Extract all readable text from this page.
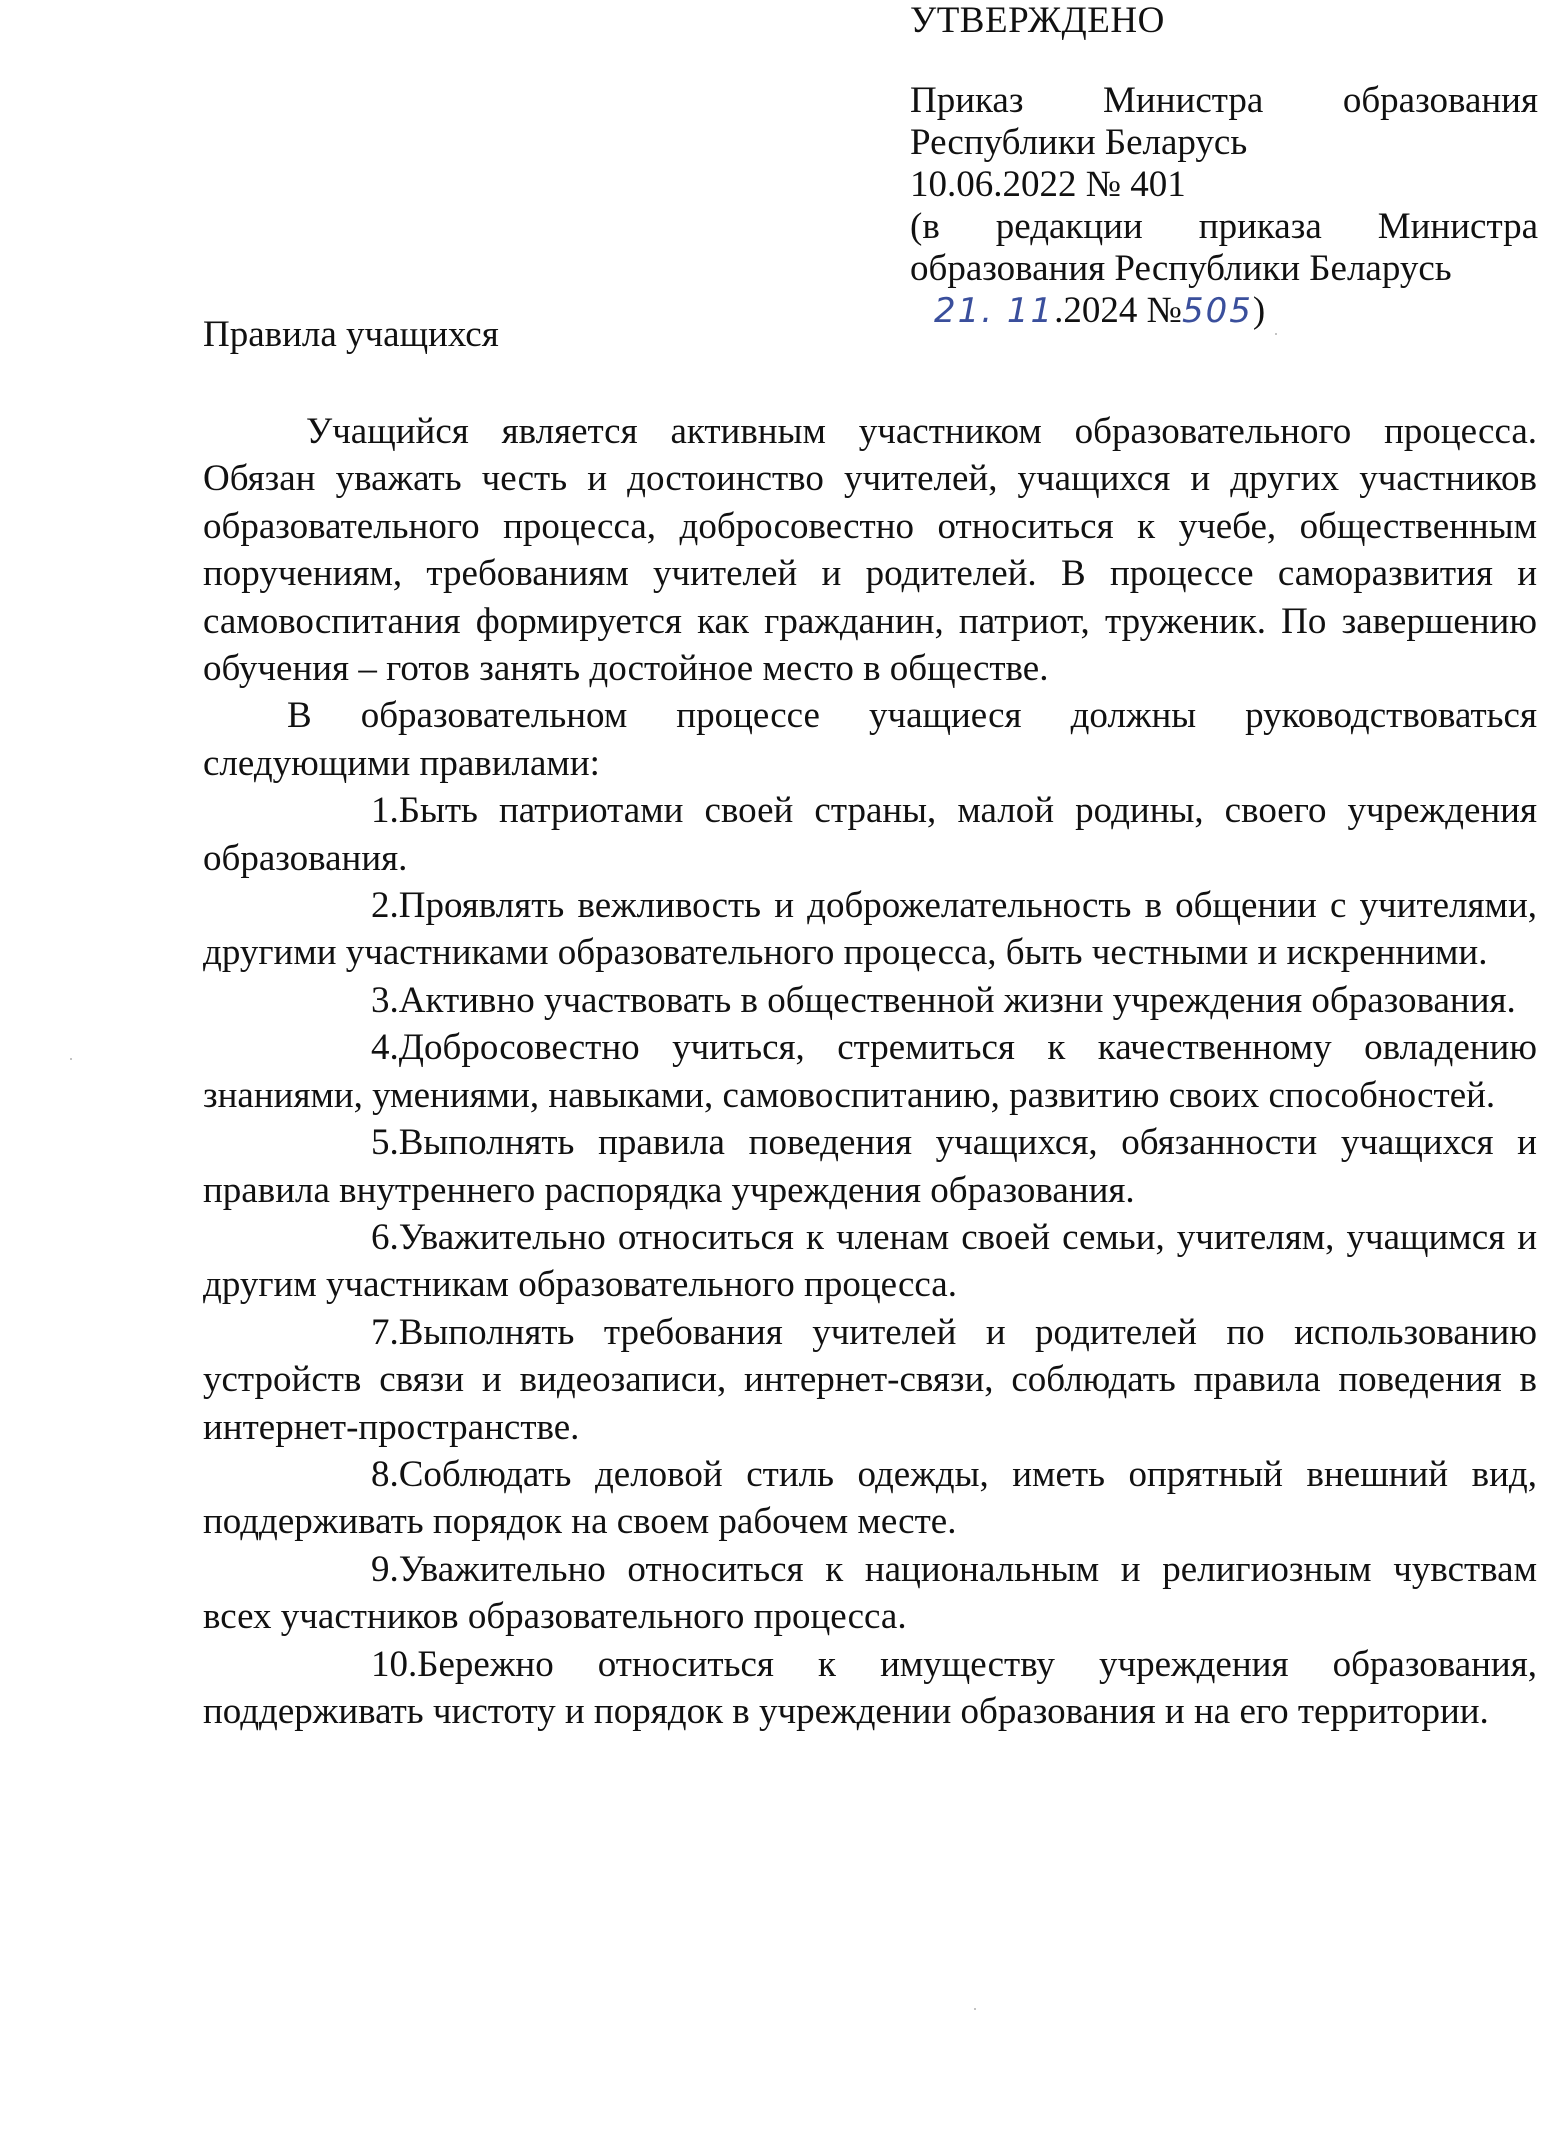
УТВЕРЖДЕНО
Приказ Министра образования
Республики Беларусь
10.06.2022 № 401
(в редакции приказа Министра
образования Республики Беларусь
21. 11.2024 №505)
Правила учащихся

Учащийся является активным участником образовательного процесса. Обязан уважать честь и достоинство учителей, учащихся и других участников образовательного процесса, добросовестно относиться к учебе, общественным поручениям, требованиям учителей и родителей. В процессе саморазвития и самовоспитания формируется как гражданин, патриот, труженик. По завершению обучения – готов занять достойное место в обществе.

В образовательном процессе учащиеся должны руководствоваться следующими правилами:

1.Быть патриотами своей страны, малой родины, своего учреждения образования.
2.Проявлять вежливость и доброжелательность в общении с учителями, другими участниками образовательного процесса, быть честными и искренними.
3.Активно участвовать в общественной жизни учреждения образования.
4.Добросовестно учиться, стремиться к качественному овладению знаниями, умениями, навыками, самовоспитанию, развитию своих способностей.
5.Выполнять правила поведения учащихся, обязанности учащихся и правила внутреннего распорядка учреждения образования.
6.Уважительно относиться к членам своей семьи, учителям, учащимся и другим участникам образовательного процесса.
7.Выполнять требования учителей и родителей по использованию устройств связи и видеозаписи, интернет-связи, соблюдать правила поведения в интернет-пространстве.
8.Соблюдать деловой стиль одежды, иметь опрятный внешний вид, поддерживать порядок на своем рабочем месте.
9.Уважительно относиться к национальным и религиозным чувствам всех участников образовательного процесса.
10.Бережно относиться к имуществу учреждения образования, поддерживать чистоту и порядок в учреждении образования и на его территории.
